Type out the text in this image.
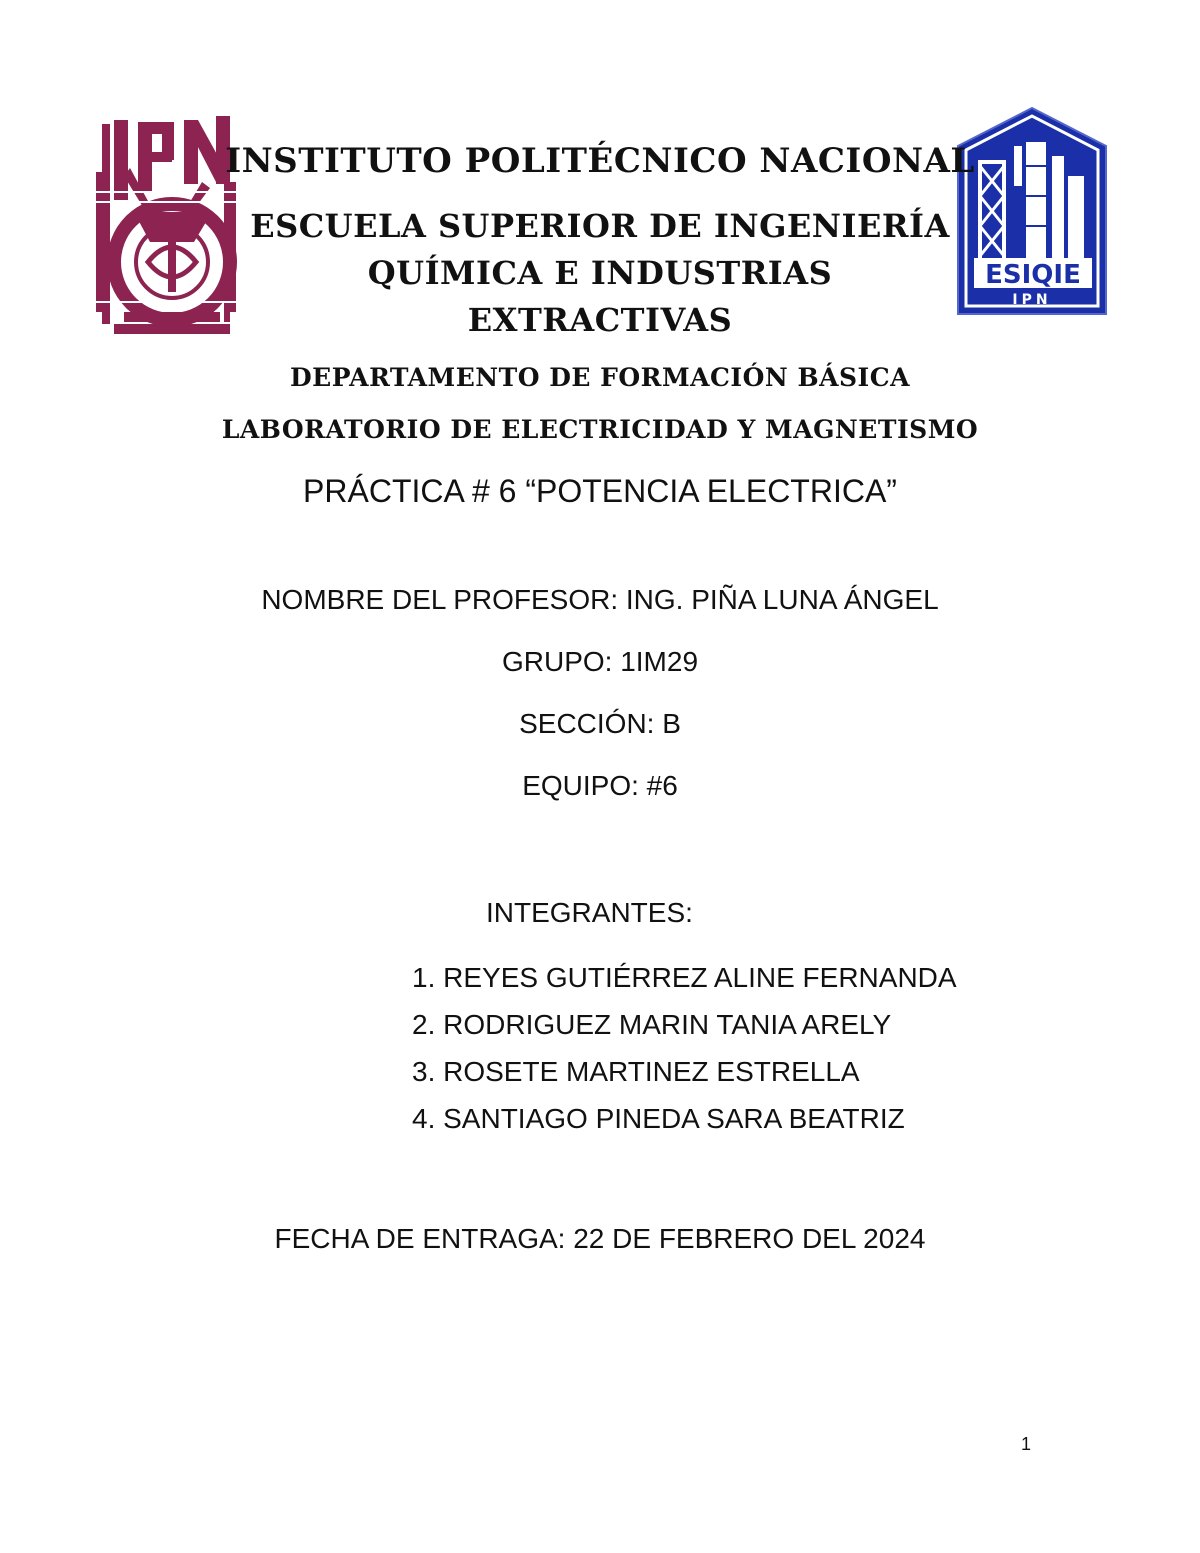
ESIQIE
IPN
INSTITUTO POLITÉCNICO NACIONAL
ESCUELA SUPERIOR DE INGENIERÍA
QUÍMICA E INDUSTRIAS
EXTRACTIVAS
DEPARTAMENTO DE FORMACIÓN BÁSICA
LABORATORIO DE ELECTRICIDAD Y MAGNETISMO
PRÁCTICA # 6 “POTENCIA ELECTRICA”
NOMBRE DEL PROFESOR: ING. PIÑA LUNA ÁNGEL
GRUPO: 1IM29
SECCIÓN: B
EQUIPO: #6
INTEGRANTES:
1. REYES GUTIÉRREZ ALINE FERNANDA
2. RODRIGUEZ MARIN TANIA ARELY
3. ROSETE MARTINEZ ESTRELLA
4. SANTIAGO PINEDA SARA BEATRIZ
FECHA DE ENTRAGA: 22 DE FEBRERO DEL 2024
1
